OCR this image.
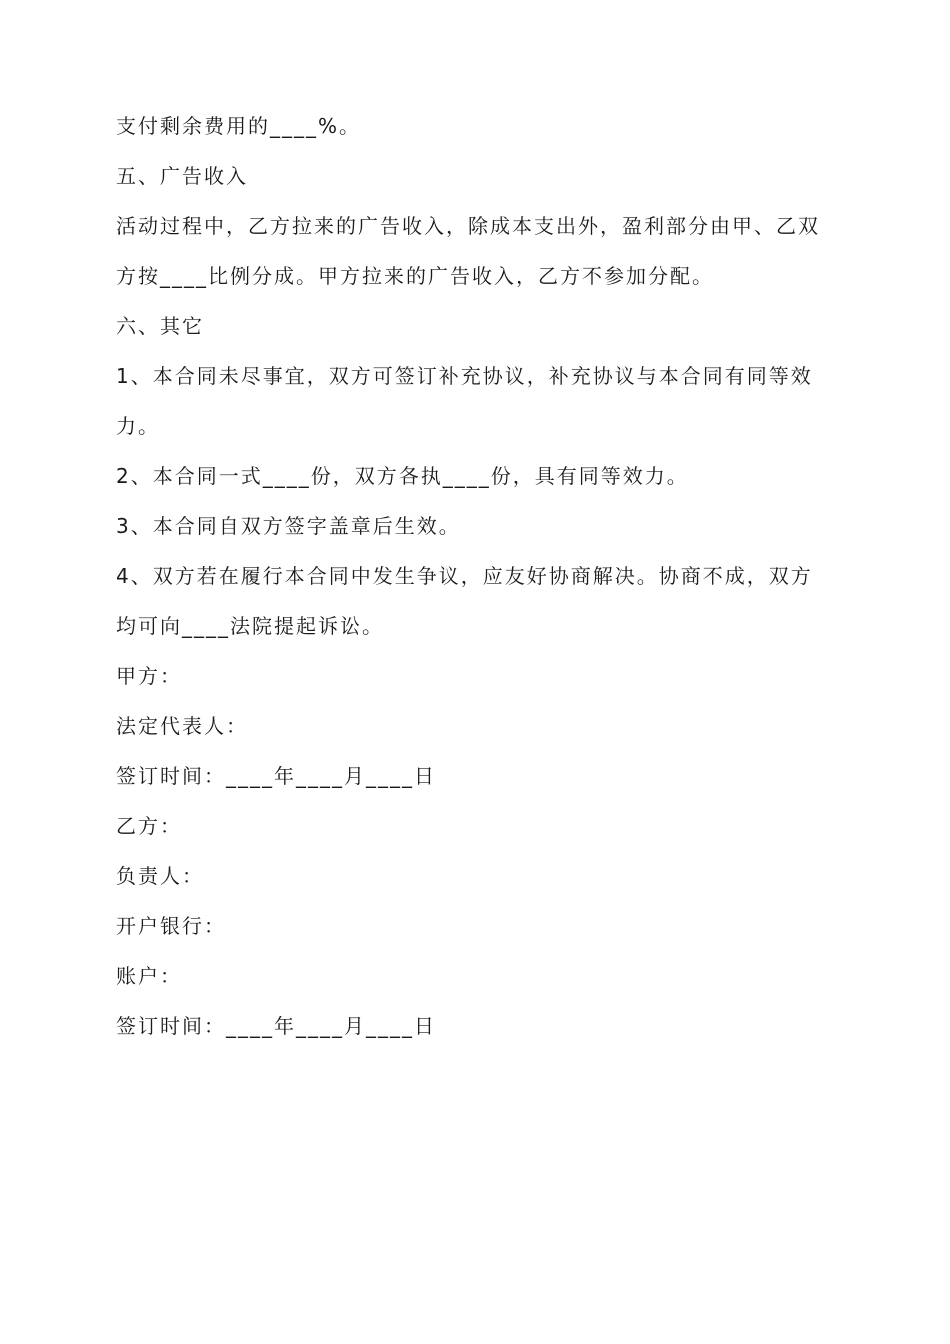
支付剩余费用的____%。
五、广告收入
活动过程中，乙方拉来的广告收入，除成本支出外，盈利部分由甲、乙双
方按____比例分成。甲方拉来的广告收入，乙方不参加分配。
六、其它
1、本合同未尽事宜，双方可签订补充协议，补充协议与本合同有同等效
力。
2、本合同一式____份，双方各执____份，具有同等效力。
3、本合同自双方签字盖章后生效。
4、双方若在履行本合同中发生争议，应友好协商解决。协商不成，双方
均可向____法院提起诉讼。
甲方：
法定代表人：
签订时间：____年____月____日
乙方：
负责人：
开户银行：
账户：
签订时间：____年____月____日
